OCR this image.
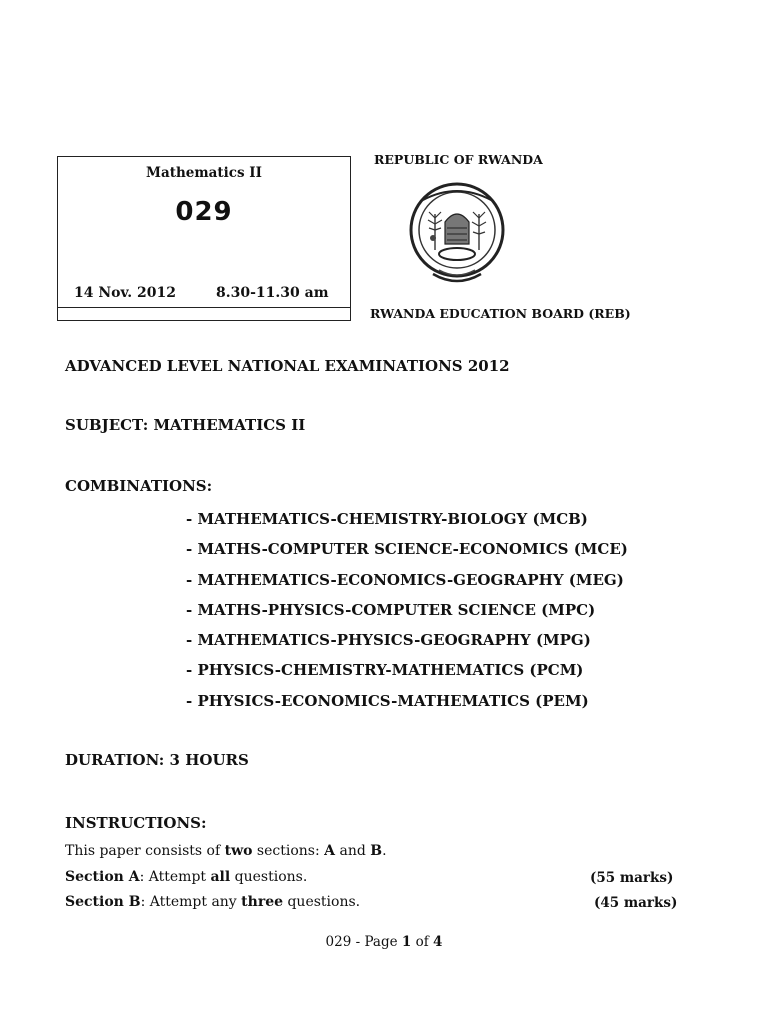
Mathematics II
029
14 Nov. 2012	8.30-11.30 am
REPUBLIC OF RWANDA
RWANDA EDUCATION BOARD (REB)
ADVANCED LEVEL NATIONAL EXAMINATIONS 2012
SUBJECT: MATHEMATICS II
COMBINATIONS:
- MATHEMATICS-CHEMISTRY-BIOLOGY (MCB)
- MATHS-COMPUTER SCIENCE-ECONOMICS (MCE)
- MATHEMATICS-ECONOMICS-GEOGRAPHY (MEG)
- MATHS-PHYSICS-COMPUTER SCIENCE (MPC)
- MATHEMATICS-PHYSICS-GEOGRAPHY (MPG)
- PHYSICS-CHEMISTRY-MATHEMATICS (PCM)
- PHYSICS-ECONOMICS-MATHEMATICS (PEM)
DURATION: 3 HOURS
INSTRUCTIONS:
This paper consists of two sections: A and B.
Section A: Attempt all questions.	(55 marks)
Section B: Attempt any three questions.	(45 marks)
029 - Page 1 of 4
